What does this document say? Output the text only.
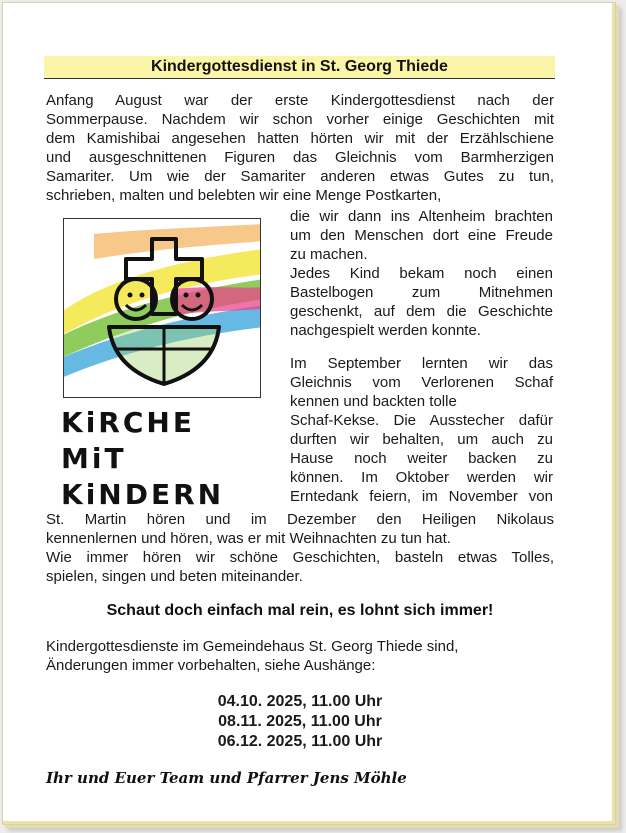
Kindergottesdienst in St. Georg Thiede
Anfang August war der erste Kindergottesdienst nach der
Sommerpause. Nachdem wir schon vorher einige Geschichten mit
dem Kamishibai angesehen hatten hörten wir mit der Erzählschiene
und ausgeschnittenen Figuren das Gleichnis vom Barmherzigen
Samariter. Um wie der Samariter anderen etwas Gutes zu tun,
schrieben, malten und belebten wir eine Menge Postkarten,
KiRCHE MiT
KiNDERN
die wir dann ins Altenheim brachten
um den Menschen dort eine Freude
zu machen.
Jedes Kind bekam noch einen
Bastelbogen zum Mitnehmen
geschenkt, auf dem die Geschichte
nachgespielt werden konnte.
Im September lernten wir das
Gleichnis vom Verlorenen Schaf
kennen und backten tolle
Schaf-Kekse. Die Ausstecher dafür
durften wir behalten, um auch zu
Hause noch weiter backen zu
können. Im Oktober werden wir
Erntedank feiern, im November von
St. Martin hören und im Dezember den Heiligen Nikolaus
kennenlernen und hören, was er mit Weihnachten zu tun hat.
Wie immer hören wir schöne Geschichten, basteln etwas Tolles,
spielen, singen und beten miteinander.
Schaut doch einfach mal rein, es lohnt sich immer!
Kindergottesdienste im Gemeindehaus St. Georg Thiede sind,
Änderungen immer vorbehalten, siehe Aushänge:
04.10. 2025, 11.00 Uhr
08.11. 2025, 11.00 Uhr
06.12. 2025, 11.00 Uhr
Ihr und Euer Team und Pfarrer Jens Möhle
